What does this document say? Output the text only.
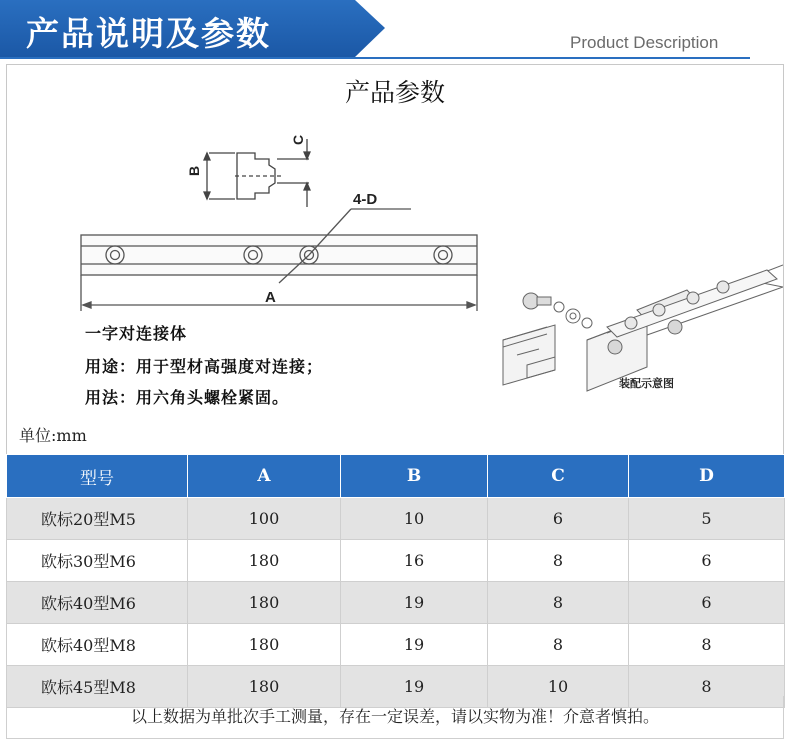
产品说明及参数	Product Description
产品参数
B
C
4-D
A
装配示意图
一字对连接体
用途：用于型材高强度对连接；
用法：用六角头螺栓紧固。
单位:mm
型号	A	B	C	D
欧标20型M5	100	10	6	5
欧标30型M6	180	16	8	6
欧标40型M6	180	19	8	6
欧标40型M8	180	19	8	8
欧标45型M8	180	19	10	8
以上数据为单批次手工测量，存在一定误差，请以实物为准！介意者慎拍。
